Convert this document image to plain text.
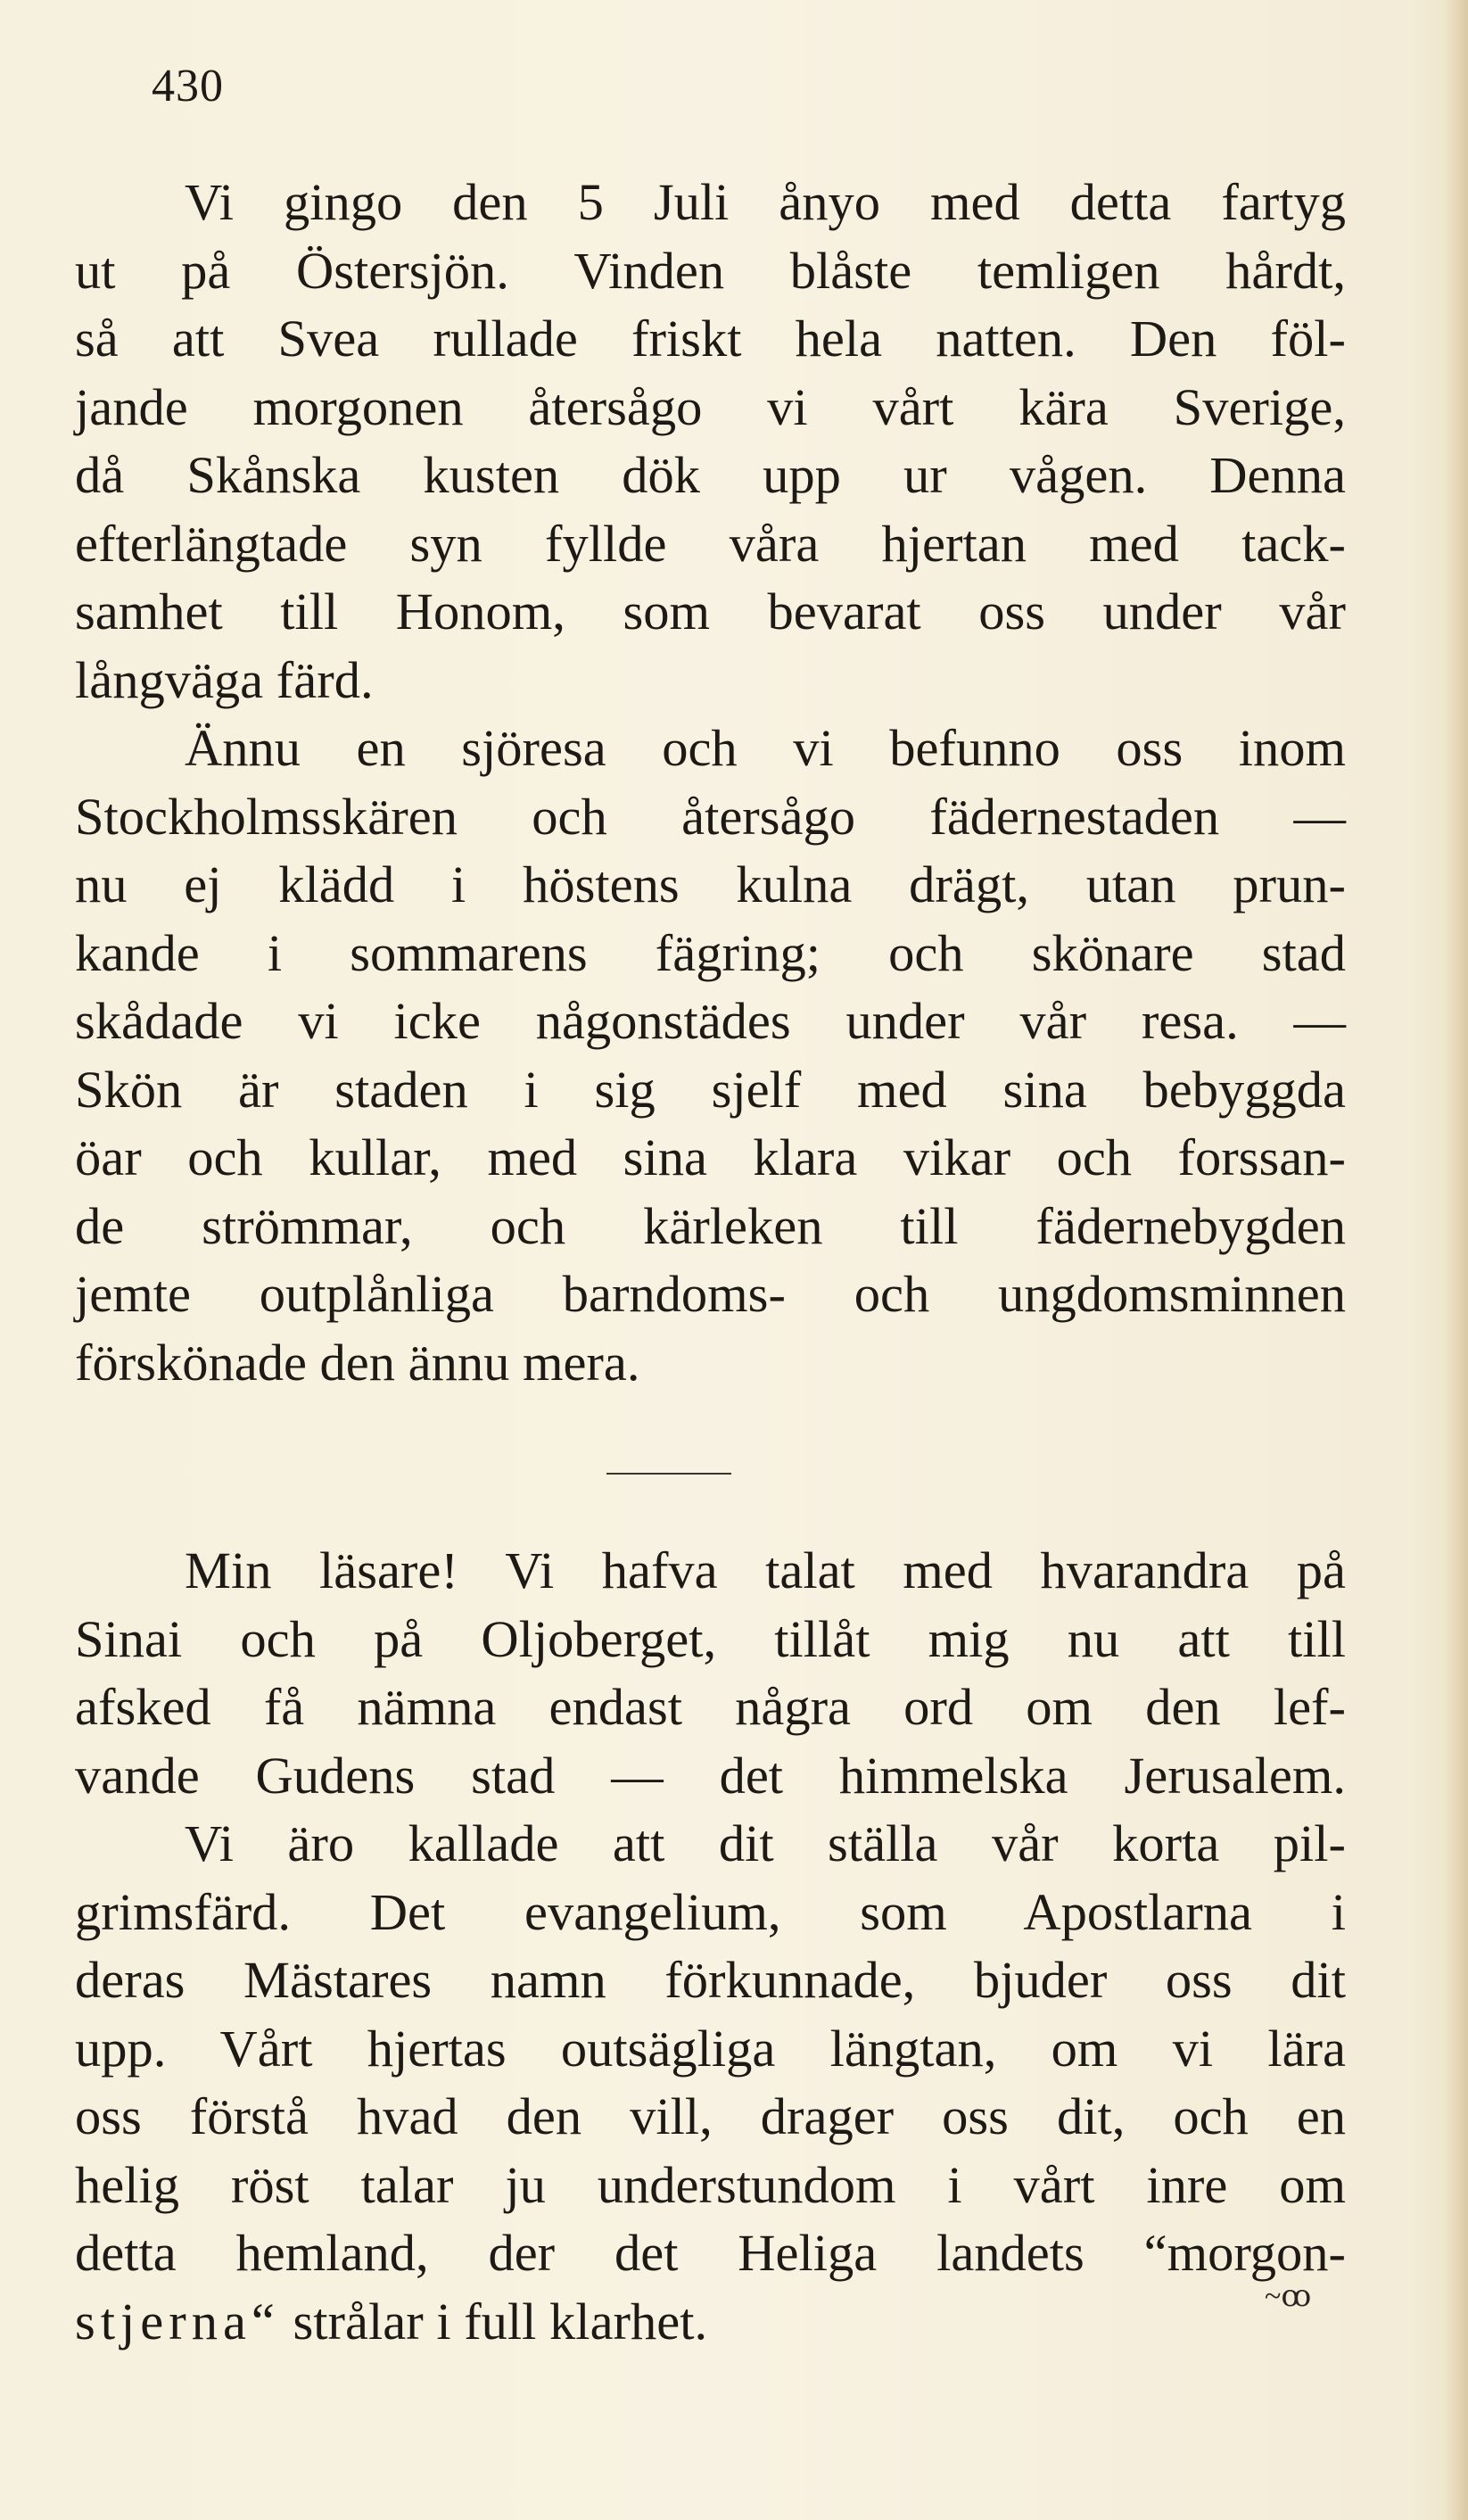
430
Vi gingo den 5 Juli ånyo med detta fartyg
ut på Östersjön. Vinden blåste temligen hårdt,
så att Svea rullade friskt hela natten. Den föl-
jande morgonen återsågo vi vårt kära Sverige,
då Skånska kusten dök upp ur vågen. Denna
efterlängtade syn fyllde våra hjertan med tack-
samhet till Honom, som bevarat oss under vår
långväga färd.
Ännu en sjöresa och vi befunno oss inom
Stockholmsskären och återsågo fädernestaden —
nu ej klädd i höstens kulna drägt, utan prun-
kande i sommarens fägring; och skönare stad
skådade vi icke någonstädes under vår resa. —
Skön är staden i sig sjelf med sina bebyggda
öar och kullar, med sina klara vikar och forssan-
de strömmar, och kärleken till fädernebygden
jemte outplånliga barndoms- och ungdomsminnen
förskönade den ännu mera.
Min läsare! Vi hafva talat med hvarandra på
Sinai och på Oljoberget, tillåt mig nu att till
afsked få nämna endast några ord om den lef-
vande Gudens stad — det himmelska Jerusalem.
Vi äro kallade att dit ställa vår korta pil-
grimsfärd. Det evangelium, som Apostlarna i
deras Mästares namn förkunnade, bjuder oss dit
upp. Vårt hjertas outsägliga längtan, om vi lära
oss förstå hvad den vill, drager oss dit, och en
helig röst talar ju understundom i vårt inre om
detta hemland, der det Heliga landets “morgon-
stjerna“ strålar i full klarhet.	~ꝏ
